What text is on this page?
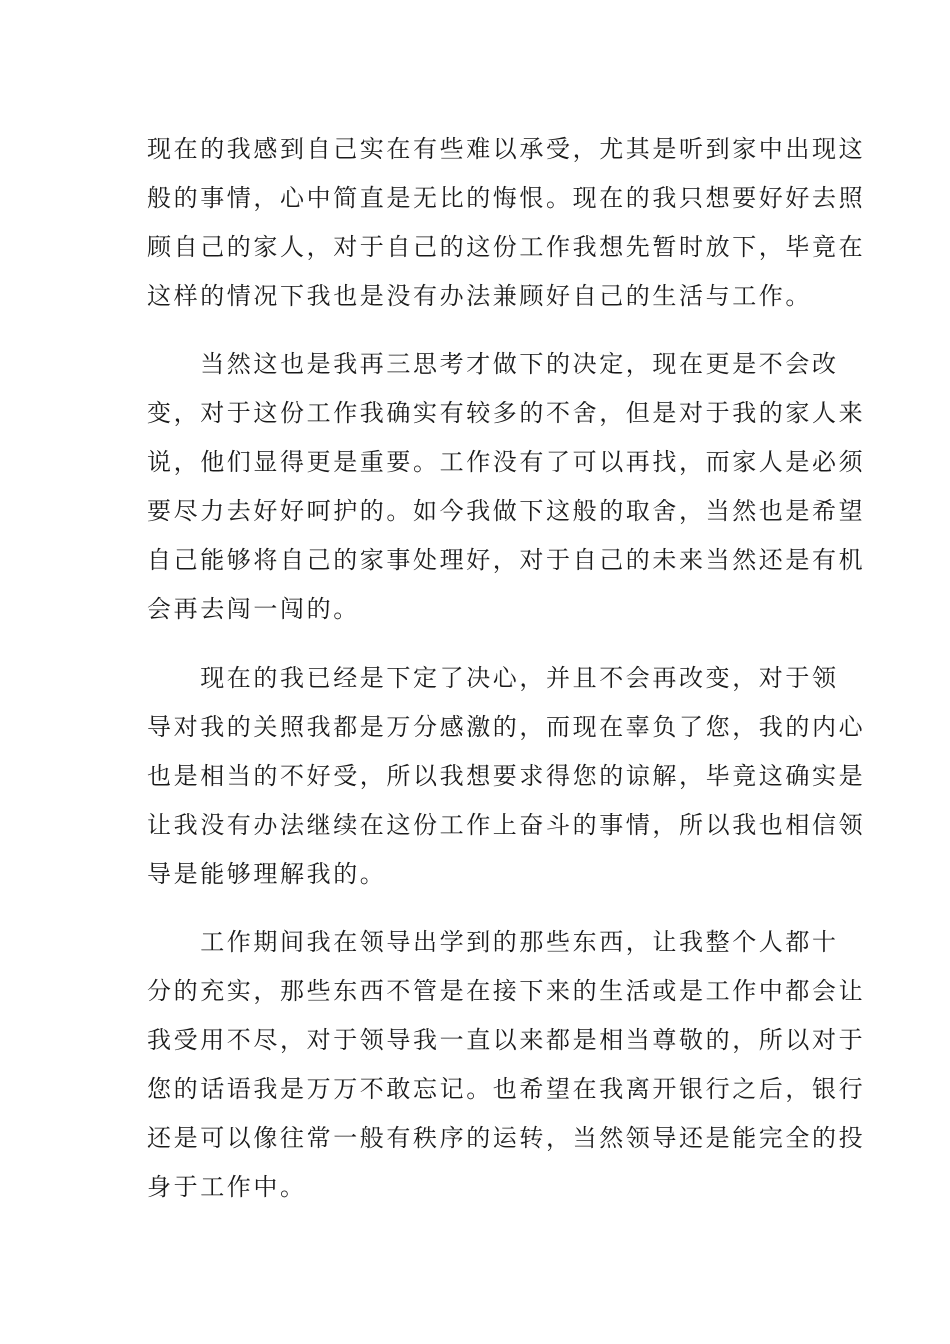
现在的我感到自己实在有些难以承受，尤其是听到家中出现这
般的事情，心中简直是无比的悔恨。现在的我只想要好好去照
顾自己的家人，对于自己的这份工作我想先暂时放下，毕竟在
这样的情况下我也是没有办法兼顾好自己的生活与工作。

　　当然这也是我再三思考才做下的决定，现在更是不会改
变，对于这份工作我确实有较多的不舍，但是对于我的家人来
说，他们显得更是重要。工作没有了可以再找，而家人是必须
要尽力去好好呵护的。如今我做下这般的取舍，当然也是希望
自己能够将自己的家事处理好，对于自己的未来当然还是有机
会再去闯一闯的。

　　现在的我已经是下定了决心，并且不会再改变，对于领
导对我的关照我都是万分感激的，而现在辜负了您，我的内心
也是相当的不好受，所以我想要求得您的谅解，毕竟这确实是
让我没有办法继续在这份工作上奋斗的事情，所以我也相信领
导是能够理解我的。

　　工作期间我在领导出学到的那些东西，让我整个人都十
分的充实，那些东西不管是在接下来的生活或是工作中都会让
我受用不尽，对于领导我一直以来都是相当尊敬的，所以对于
您的话语我是万万不敢忘记。也希望在我离开银行之后，银行
还是可以像往常一般有秩序的运转，当然领导还是能完全的投
身于工作中。
